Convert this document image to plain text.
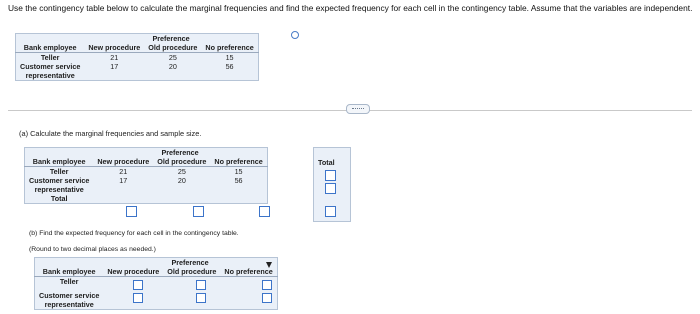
Use the contingency table below to calculate the marginal frequencies and find the expected frequency for each cell in the contingency table. Assume that the variables are independent.
	Preference		
Bank employee	New procedure	Old procedure	No preference
Teller	21	25	15
Customer service
representative	17	20	56
(a) Calculate the marginal frequencies and sample size.
	Preference		
Bank employee	New procedure	Old procedure	No preference
Teller	21	25	15
Customer service
representative	17	20	56
Total			
Total
(b) Find the expected frequency for each cell in the contingency table.
(Round to two decimal places as needed.)
	Preference		
Bank employee	New procedure	Old procedure	No preference
Teller			
Customer service
representative			
